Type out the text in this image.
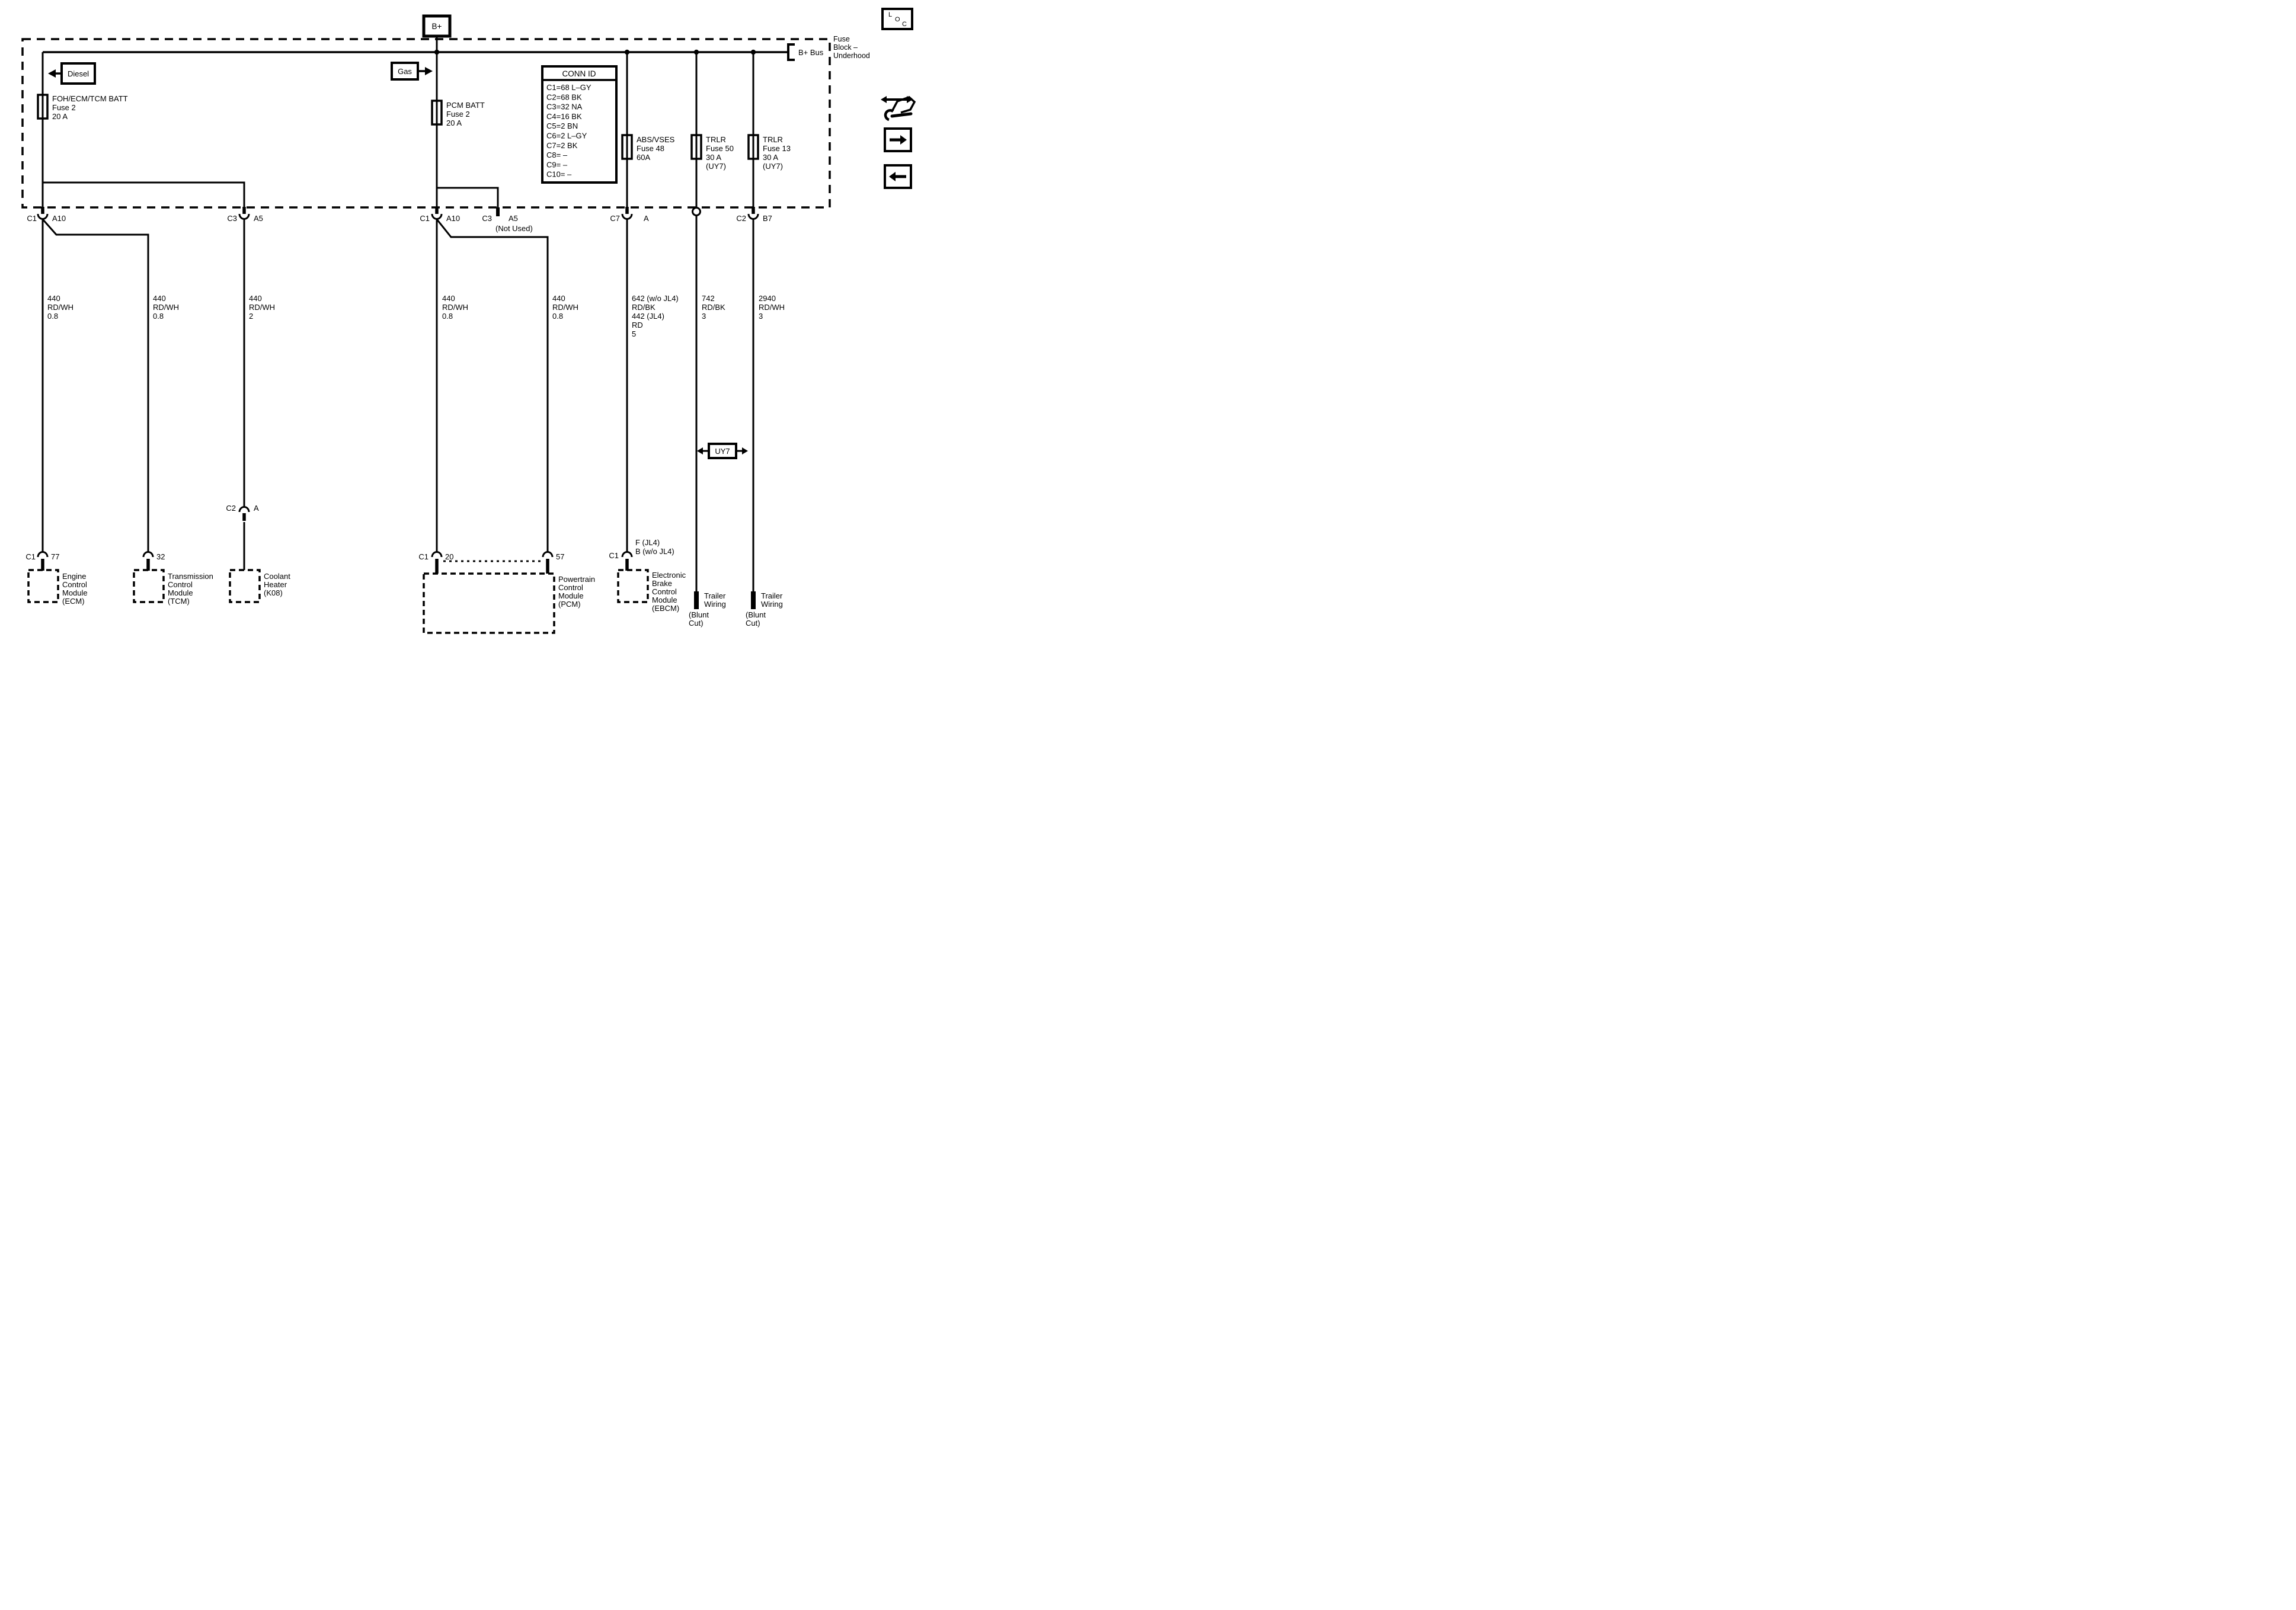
Fuse
Block –
Underhood
B+
B+ Bus
Diesel	Gas
FOH/ECM/TCM BATT
Fuse 2
20 A
PCM BATT
Fuse 2
20 A
ABS/VSES
Fuse 48
60A
TRLR
Fuse 50
30 A
(UY7)
TRLR
Fuse 13
30 A
(UY7)
CONN ID
C1=68 L–GY
C2=68 BK
C3=32 NA
C4=16 BK
C5=2 BN
C6=2 L–GY
C7=2 BK
C8= –
C9= –
C10= –
C1 A10	C3 A5	C1 A10	C3 A5
(Not Used)
C7	A	C2 B7
440
RD/WH
0.8
440
RD/WH
0.8
440
RD/WH
2
440
RD/WH
0.8
440
RD/WH
0.8
642 (w/o JL4)
RD/BK
442 (JL4)
RD
5
742
RD/BK
3
2940
RD/WH
3
UY7
C2 A
C1 77
Engine
Control
Module
(ECM)
32
Transmission
Control
Module
(TCM)
Coolant
Heater
(K08)
C1 20	57
Powertrain
Control
Module
(PCM)
F (JL4)
B (w/o JL4)
C1
Electronic
Brake
Control
Module
(EBCM)
Trailer
Wiring
(Blunt
Cut)
Trailer
Wiring
(Blunt
Cut)
L
O
C
